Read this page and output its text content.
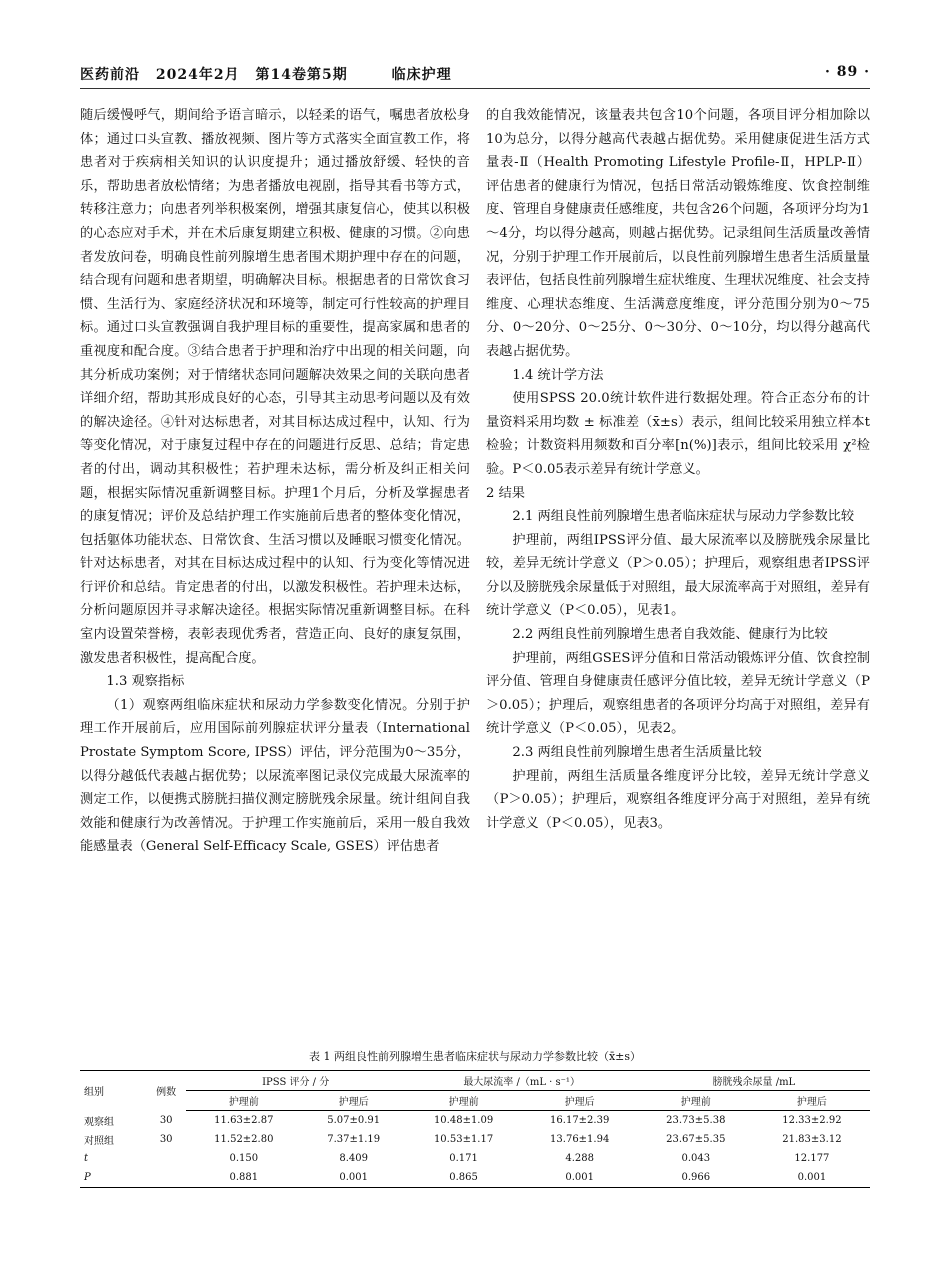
医药前沿 2024年2月 第14卷第5期	临床护理	· 89 ·

随后缓慢呼气，期间给予语言暗示，以轻柔的语气，嘱患者放松身体；通过口头宣教、播放视频、图片等方式落实全面宣教工作，将患者对于疾病相关知识的认识度提升；通过播放舒缓、轻快的音乐，帮助患者放松情绪；为患者播放电视剧，指导其看书等方式，转移注意力；向患者列举积极案例，增强其康复信心，使其以积极的心态应对手术，并在术后康复期建立积极、健康的习惯。②向患者发放问卷，明确良性前列腺增生患者围术期护理中存在的问题，结合现有问题和患者期望，明确解决目标。根据患者的日常饮食习惯、生活行为、家庭经济状况和环境等，制定可行性较高的护理目标。通过口头宣教强调自我护理目标的重要性，提高家属和患者的重视度和配合度。③结合患者于护理和治疗中出现的相关问题，向其分析成功案例；对于情绪状态同问题解决效果之间的关联向患者详细介绍，帮助其形成良好的心态，引导其主动思考问题以及有效的解决途径。④针对达标患者，对其目标达成过程中，认知、行为等变化情况，对于康复过程中存在的问题进行反思、总结；肯定患者的付出，调动其积极性；若护理未达标，需分析及纠正相关问题，根据实际情况重新调整目标。护理1个月后，分析及掌握患者的康复情况；评价及总结护理工作实施前后患者的整体变化情况，包括躯体功能状态、日常饮食、生活习惯以及睡眠习惯变化情况。针对达标患者，对其在目标达成过程中的认知、行为变化等情况进行评价和总结。肯定患者的付出，以激发积极性。若护理未达标，分析问题原因并寻求解决途径。根据实际情况重新调整目标。在科室内设置荣誉榜，表彰表现优秀者，营造正向、良好的康复氛围，激发患者积极性，提高配合度。

1.3 观察指标

（1）观察两组临床症状和尿动力学参数变化情况。分别于护理工作开展前后，应用国际前列腺症状评分量表（International Prostate Symptom Score, IPSS）评估，评分范围为0～35分，以得分越低代表越占据优势；以尿流率图记录仪完成最大尿流率的测定工作，以便携式膀胱扫描仪测定膀胱残余尿量。统计组间自我效能和健康行为改善情况。于护理工作实施前后，采用一般自我效能感量表（General Self-Efficacy Scale, GSES）评估患者

的自我效能情况，该量表共包含10个问题，各项目评分相加除以10为总分，以得分越高代表越占据优势。采用健康促进生活方式量表-Ⅱ（Health Promoting Lifestyle Profile-Ⅱ，HPLP-Ⅱ）评估患者的健康行为情况，包括日常活动锻炼维度、饮食控制维度、管理自身健康责任感维度，共包含26个问题，各项评分均为1～4分，均以得分越高，则越占据优势。记录组间生活质量改善情况，分别于护理工作开展前后，以良性前列腺增生患者生活质量量表评估，包括良性前列腺增生症状维度、生理状况维度、社会支持维度、心理状态维度、生活满意度维度，评分范围分别为0～75分、0～20分、0～25分、0～30分、0～10分，均以得分越高代表越占据优势。

1.4 统计学方法

使用SPSS 20.0统计软件进行数据处理。符合正态分布的计量资料采用均数 ± 标准差（x̄±s）表示，组间比较采用独立样本t检验；计数资料用频数和百分率[n(%)]表示，组间比较采用 χ²检验。P＜0.05表示差异有统计学意义。

2 结果

2.1 两组良性前列腺增生患者临床症状与尿动力学参数比较

护理前，两组IPSS评分值、最大尿流率以及膀胱残余尿量比较，差异无统计学意义（P＞0.05）；护理后，观察组患者IPSS评分以及膀胱残余尿量低于对照组，最大尿流率高于对照组，差异有统计学意义（P＜0.05），见表1。

2.2 两组良性前列腺增生患者自我效能、健康行为比较

护理前，两组GSES评分值和日常活动锻炼评分值、饮食控制评分值、管理自身健康责任感评分值比较，差异无统计学意义（P＞0.05）；护理后，观察组患者的各项评分均高于对照组，差异有统计学意义（P＜0.05），见表2。

2.3 两组良性前列腺增生患者生活质量比较

护理前，两组生活质量各维度评分比较，差异无统计学意义（P＞0.05）；护理后，观察组各维度评分高于对照组，差异有统计学意义（P＜0.05），见表3。

表 1 两组良性前列腺增生患者临床症状与尿动力学参数比较（x̄±s）
组别	例数	IPSS 评分 / 分		最大尿流率 /（mL · s⁻¹）		膀胱残余尿量 /mL	
		护理前	护理后	护理前	护理后	护理前	护理后
观察组	30	11.63±2.87	5.07±0.91	10.48±1.09	16.17±2.39	23.73±5.38	12.33±2.92
对照组	30	11.52±2.80	7.37±1.19	10.53±1.17	13.76±1.94	23.67±5.35	21.83±3.12
t		0.150	8.409	0.171	4.288	0.043	12.177
P		0.881	0.001	0.865	0.001	0.966	0.001
